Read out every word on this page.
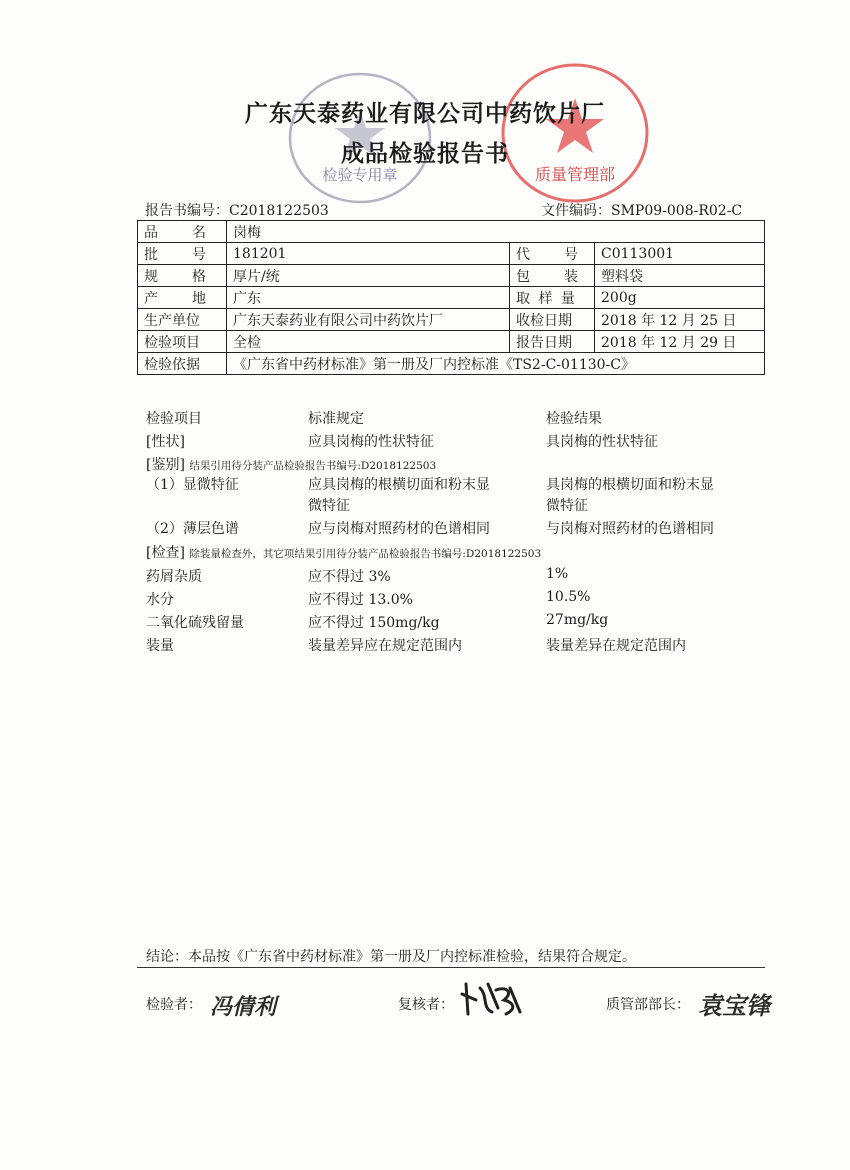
检验专用章	质量管理部
广东天泰药业有限公司中药饮片厂
成品检验报告书
报告书编号：C2018122503	文件编码：SMP09-008-R02-C
品　　名	岗梅		
批　　号	181201	代　　号	C0113001
规　　格	厚片/统	包　　装	塑料袋
产　　地	广东	取 样 量	200g
生产单位	广东天泰药业有限公司中药饮片厂	收检日期	2018 年 12 月 25 日
检验项目	全检	报告日期	2018 年 12 月 29 日
检验依据	《广东省中药材标准》第一册及厂内控标准《TS2-C-01130-C》		
检验项目	标准规定	检验结果
[性状]	应具岗梅的性状特征	具岗梅的性状特征
[鉴别] 结果引用待分装产品检验报告书编号:D2018122503
（1）显微特征	应具岗梅的根横切面和粉末显	具岗梅的根横切面和粉末显
微特征	微特征
（2）薄层色谱	应与岗梅对照药材的色谱相同	与岗梅对照药材的色谱相同
[检查] 除装量检查外，其它项结果引用待分装产品检验报告书编号:D2018122503
药屑杂质	应不得过 3%	1%
水分	应不得过 13.0%	10.5%
二氧化硫残留量	应不得过 150mg/kg	27mg/kg
装量	装量差异应在规定范围内	装量差异在规定范围内
结论：本品按《广东省中药材标准》第一册及厂内控标准检验，结果符合规定。
检验者： 冯倩利	复核者：	质管部部长： 袁宝锋
